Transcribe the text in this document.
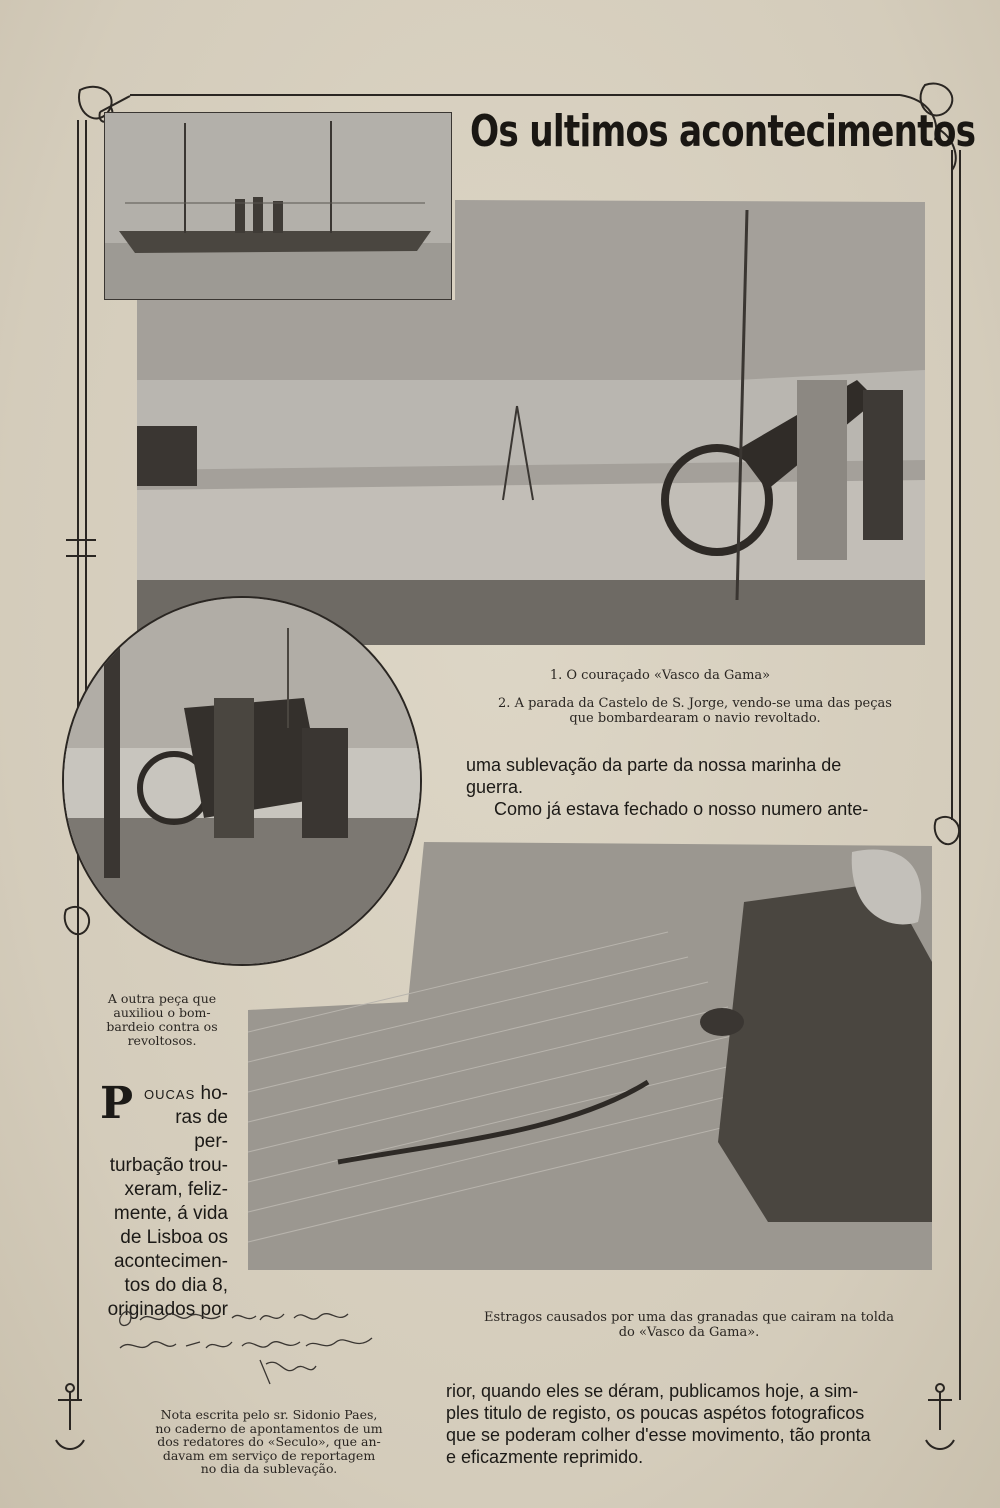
Os ultimos acontecimentos
1. O couraçado «Vasco da Gama»
2. A parada da Castelo de S. Jorge, vendo-se uma das peças
que bombardearam o navio revoltado.
A outra peça que
auxiliou o bom-
bardeio contra os
revoltosos.
uma sublevação da parte da nossa marinha de
guerra.
Como já estava fechado o nosso numero ante-
P oucas ho-
ras de per-
turbação trou-
xeram, feliz-
mente, á vida
de Lisboa os
acontecimen-
tos do dia 8,
originados por	Estragos causados por uma das granadas que cairam na tolda
do «Vasco da Gama».
Nota escrita pelo sr. Sidonio Paes,
no caderno de apontamentos de um
dos redatores do «Seculo», que an-
davam em serviço de reportagem
no dia da sublevação.
rior, quando eles se déram, publicamos hoje, a sim-
ples titulo de registo, os poucas aspétos fotograficos
que se poderam colher d'esse movimento, tão pronta
e eficazmente reprimido.
